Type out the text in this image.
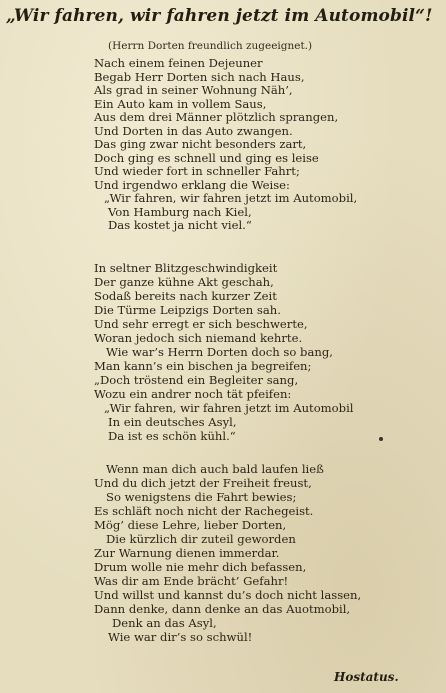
„Wir fahren, wir fahren jetzt im Automobil“!
(Herrn Dorten freundlich zugeeignet.)
Nach einem feinen Dejeuner
Begab Herr Dorten sich nach Haus,
Als grad in seiner Wohnung Näh’,
Ein Auto kam in vollem Saus,
Aus dem drei Männer plötzlich sprangen,
Und Dorten in das Auto zwangen.
Das ging zwar nicht besonders zart,
Doch ging es schnell und ging es leise
Und wieder fort in schneller Fahrt;
Und irgendwo erklang die Weise:
„Wir fahren, wir fahren jetzt im Automobil,
Von Hamburg nach Kiel,
Das kostet ja nicht viel.“
In seltner Blitzgeschwindigkeit
Der ganze kühne Akt geschah,
Sodaß bereits nach kurzer Zeit
Die Türme Leipzigs Dorten sah.
Und sehr erregt er sich beschwerte,
Woran jedoch sich niemand kehrte.
Wie war’s Herrn Dorten doch so bang,
Man kann’s ein bischen ja begreifen;
„Doch tröstend ein Begleiter sang,
Wozu ein andrer noch tät pfeifen:
„Wir fahren, wir fahren jetzt im Automobil
In ein deutsches Asyl,
Da ist es schön kühl.“
Wenn man dich auch bald laufen ließ
Und du dich jetzt der Freiheit freust,
So wenigstens die Fahrt bewies;
Es schläft noch nicht der Rachegeist.
Mög’ diese Lehre, lieber Dorten,
Die kürzlich dir zuteil geworden
Zur Warnung dienen immerdar.
Drum wolle nie mehr dich befassen,
Was dir am Ende brächt’ Gefahr!
Und willst und kannst du’s doch nicht lassen,
Dann denke, dann denke an das Auotmobil,
Denk an das Asyl,
Wie war dir’s so schwül!
Hostatus.
